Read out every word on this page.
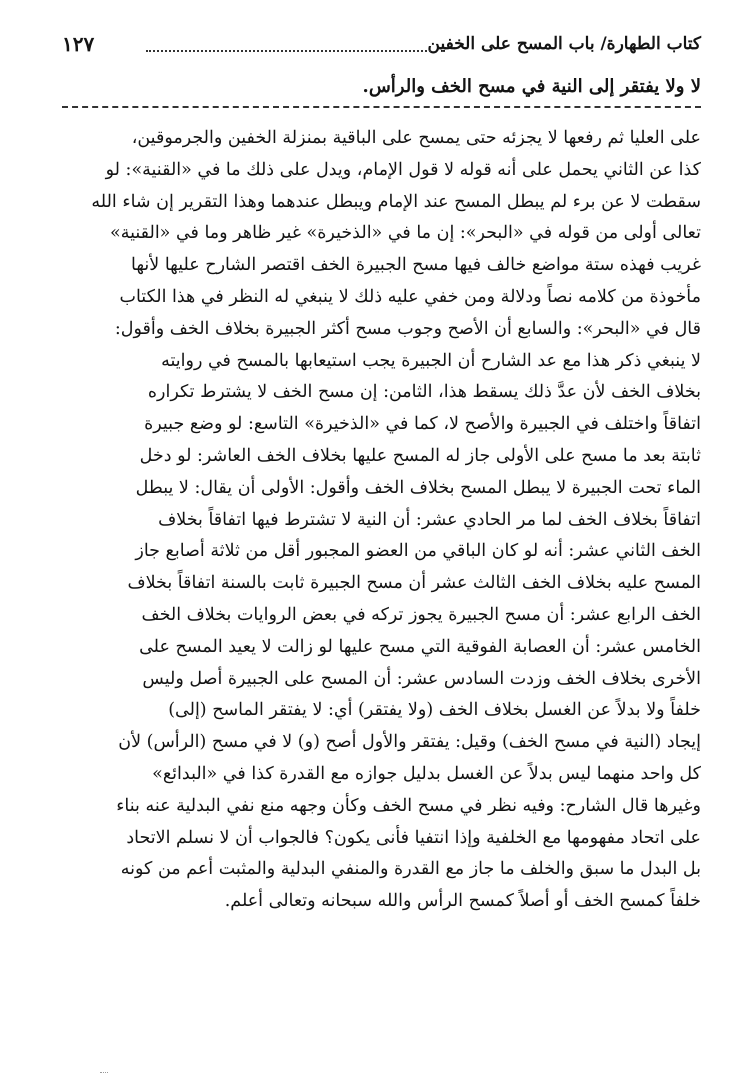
كتاب الطهارة/ باب المسح على الخفين
١٢٧
لا ولا يفتقر إلى النية في مسح الخف والرأس.
على العليا ثم رفعها لا يجزئه حتى يمسح على الباقية بمنزلة الخفين والجرموقين،
كذا عن الثاني يحمل على أنه قوله لا قول الإمام، ويدل على ذلك ما في «القنية»: لو
سقطت لا عن برء لم يبطل المسح عند الإمام ويبطل عندهما وهذا التقرير إن شاء الله
تعالى أولى من قوله في «البحر»: إن ما في «الذخيرة» غير ظاهر وما في «القنية»
غريب فهذه ستة مواضع خالف فيها مسح الجبيرة الخف اقتصر الشارح عليها لأنها
مأخوذة من كلامه نصاً ودلالة ومن خفي عليه ذلك لا ينبغي له النظر في هذا الكتاب
قال في «البحر»: والسابع أن الأصح وجوب مسح أكثر الجبيرة بخلاف الخف وأقول:
لا ينبغي ذكر هذا مع عد الشارح أن الجبيرة يجب استيعابها بالمسح في روايته
بخلاف الخف لأن عدَّ ذلك يسقط هذا، الثامن: إن مسح الخف لا يشترط تكراره
اتفاقاً واختلف في الجبيرة والأصح لا، كما في «الذخيرة» التاسع: لو وضع جبيرة
ثابتة بعد ما مسح على الأولى جاز له المسح عليها بخلاف الخف العاشر: لو دخل
الماء تحت الجبيرة لا يبطل المسح بخلاف الخف وأقول: الأولى أن يقال: لا يبطل
اتفاقاً بخلاف الخف لما مر الحادي عشر: أن النية لا تشترط فيها اتفاقاً بخلاف
الخف الثاني عشر: أنه لو كان الباقي من العضو المجبور أقل من ثلاثة أصابع جاز
المسح عليه بخلاف الخف الثالث عشر أن مسح الجبيرة ثابت بالسنة اتفاقاً بخلاف
الخف الرابع عشر: أن مسح الجبيرة يجوز تركه في بعض الروايات بخلاف الخف
الخامس عشر: أن العصابة الفوقية التي مسح عليها لو زالت لا يعيد المسح على
الأخرى بخلاف الخف وزدت السادس عشر: أن المسح على الجبيرة أصل وليس
خلفاً ولا بدلاً عن الغسل بخلاف الخف (ولا يفتقر) أي: لا يفتقر الماسح (إلى)
إيجاد (النية في مسح الخف) وقيل: يفتقر والأول أصح (و) لا في مسح (الرأس) لأن
كل واحد منهما ليس بدلاً عن الغسل بدليل جوازه مع القدرة كذا في «البدائع»
وغيرها قال الشارح: وفيه نظر في مسح الخف وكأن وجهه منع نفي البدلية عنه بناء
على اتحاد مفهومها مع الخلفية وإذا انتفيا فأنى يكون؟ فالجواب أن لا نسلم الاتحاد
بل البدل ما سبق والخلف ما جاز مع القدرة والمنفي البدلية والمثبت أعم من كونه
خلفاً كمسح الخف أو أصلاً كمسح الرأس والله سبحانه وتعالى أعلم.
